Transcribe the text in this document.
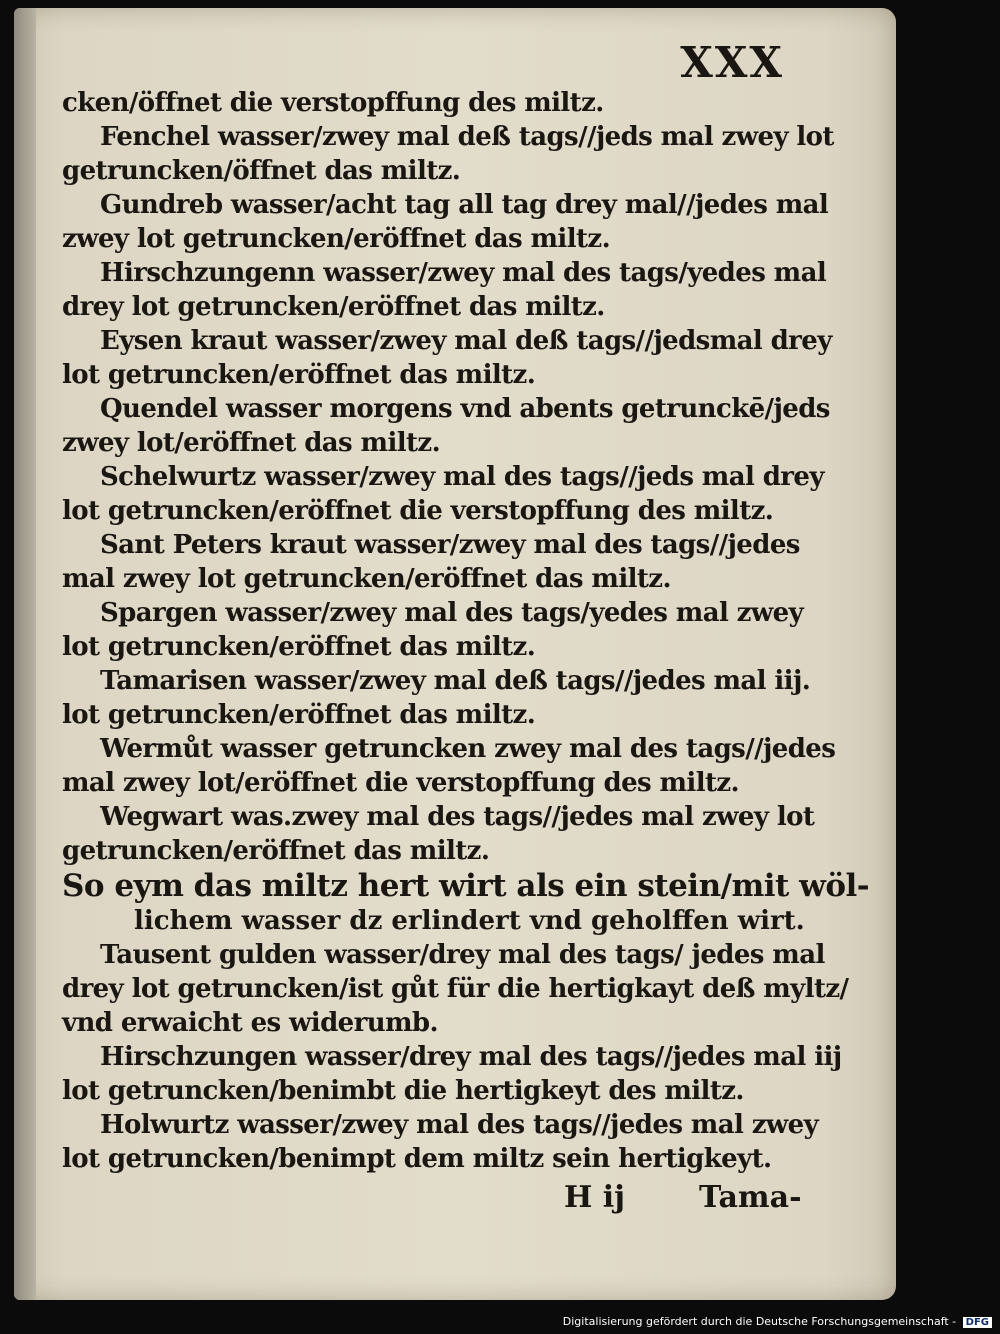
XXX
cken/öffnet die verstopffung des miltz.
Fenchel wasser/zwey mal deß tags//jeds mal zwey lot
getruncken/öffnet das miltz.
Gundreb wasser/acht tag all tag drey mal//jedes mal
zwey lot getruncken/eröffnet das miltz.
Hirschzungenn wasser/zwey mal des tags/yedes mal
drey lot getruncken/eröffnet das miltz.
Eysen kraut wasser/zwey mal deß tags//jedsmal drey
lot getruncken/eröffnet das miltz.
Quendel wasser morgens vnd abents getrunckē/jeds
zwey lot/eröffnet das miltz.
Schelwurtz wasser/zwey mal des tags//jeds mal drey
lot getruncken/eröffnet die verstopffung des miltz.
Sant Peters kraut wasser/zwey mal des tags//jedes
mal zwey lot getruncken/eröffnet das miltz.
Spargen wasser/zwey mal des tags/yedes mal zwey
lot getruncken/eröffnet das miltz.
Tamarisen wasser/zwey mal deß tags//jedes mal iij.
lot getruncken/eröffnet das miltz.
Wermůt wasser getruncken zwey mal des tags//jedes
mal zwey lot/eröffnet die verstopffung des miltz.
Wegwart was.zwey mal des tags//jedes mal zwey lot
getruncken/eröffnet das miltz.
So eym das miltz hert wirt als ein stein/mit wöl-
lichem wasser dz erlindert vnd geholffen wirt.
Tausent gulden wasser/drey mal des tags/ jedes mal
drey lot getruncken/ist gůt für die hertigkayt deß myltz/
vnd erwaicht es widerumb.
Hirschzungen wasser/drey mal des tags//jedes mal iij
lot getruncken/benimbt die hertigkeyt des miltz.
Holwurtz wasser/zwey mal des tags//jedes mal zwey
lot getruncken/benimpt dem miltz sein hertigkeyt.
H ij Tama-
Digitalisierung gefördert durch die Deutsche Forschungsgemeinschaft - DFG
